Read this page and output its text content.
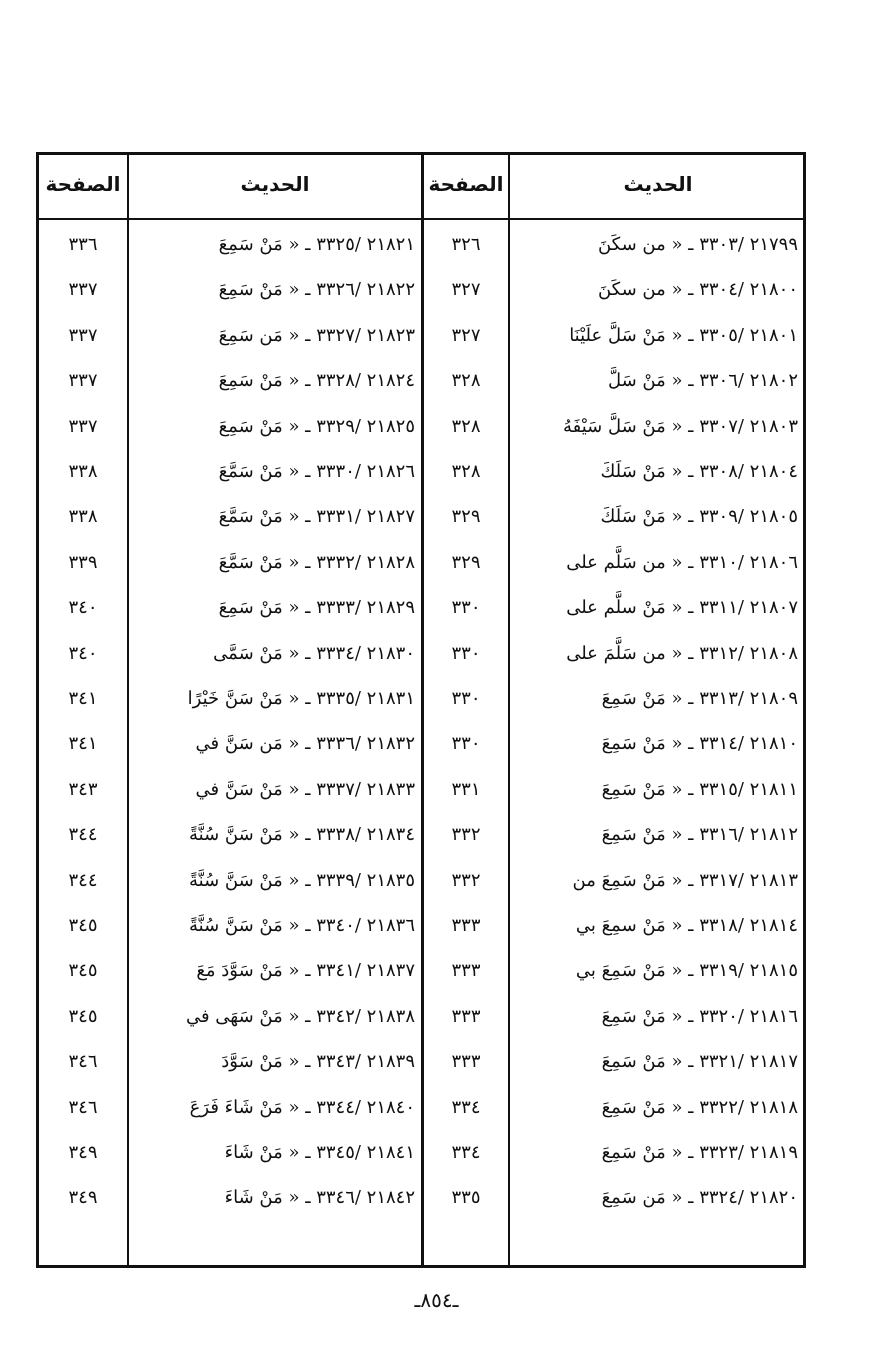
الحديث
الصفحة
الحديث
الصفحة
٢١٧٩٩ /٣٣٠٣ ـ « من سكَنَ
٣٢٦
٢١٨٠٠ /٣٣٠٤ ـ « من سكَنَ
٣٢٧
٢١٨٠١ /٣٣٠٥ ـ « مَنْ سَلَّ علَيْنَا
٣٢٧
٢١٨٠٢ /٣٣٠٦ ـ « مَنْ سَلَّ
٣٢٨
٢١٨٠٣ /٣٣٠٧ ـ « مَنْ سَلَّ سَيْفَهُ
٣٢٨
٢١٨٠٤ /٣٣٠٨ ـ « مَنْ سَلَكَ
٣٢٨
٢١٨٠٥ /٣٣٠٩ ـ « مَنْ سَلَكَ
٣٢٩
٢١٨٠٦ /٣٣١٠ ـ « من سَلَّم على
٣٢٩
٢١٨٠٧ /٣٣١١ ـ « مَنْ سلَّم على
٣٣٠
٢١٨٠٨ /٣٣١٢ ـ « من سَلَّمَ على
٣٣٠
٢١٨٠٩ /٣٣١٣ ـ « مَنْ سَمِعَ
٣٣٠
٢١٨١٠ /٣٣١٤ ـ « مَنْ سَمِعَ
٣٣٠
٢١٨١١ /٣٣١٥ ـ « مَنْ سَمِعَ
٣٣١
٢١٨١٢ /٣٣١٦ ـ « مَنْ سَمِعَ
٣٣٢
٢١٨١٣ /٣٣١٧ ـ « مَنْ سَمِعَ من
٣٣٢
٢١٨١٤ /٣٣١٨ ـ « مَنْ سمِعَ بي
٣٣٣
٢١٨١٥ /٣٣١٩ ـ « مَنْ سَمِعَ بي
٣٣٣
٢١٨١٦ /٣٣٢٠ ـ « مَنْ سَمِعَ
٣٣٣
٢١٨١٧ /٣٣٢١ ـ « مَنْ سَمِعَ
٣٣٣
٢١٨١٨ /٣٣٢٢ ـ « مَنْ سَمِعَ
٣٣٤
٢١٨١٩ /٣٣٢٣ ـ « مَنْ سَمِعَ
٣٣٤
٢١٨٢٠ /٣٣٢٤ ـ « مَن سَمِعَ
٣٣٥
٢١٨٢١ /٣٣٢٥ ـ « مَنْ سَمِعَ
٣٣٦
٢١٨٢٢ /٣٣٢٦ ـ « مَنْ سَمِعَ
٣٣٧
٢١٨٢٣ /٣٣٢٧ ـ « مَن سَمِعَ
٣٣٧
٢١٨٢٤ /٣٣٢٨ ـ « مَنْ سَمِعَ
٣٣٧
٢١٨٢٥ /٣٣٢٩ ـ « مَنْ سَمِعَ
٣٣٧
٢١٨٢٦ /٣٣٣٠ ـ « مَنْ سَمَّعَ
٣٣٨
٢١٨٢٧ /٣٣٣١ ـ « مَنْ سَمَّعَ
٣٣٨
٢١٨٢٨ /٣٣٣٢ ـ « مَنْ سَمَّعَ
٣٣٩
٢١٨٢٩ /٣٣٣٣ ـ « مَنْ سَمِعَ
٣٤٠
٢١٨٣٠ /٣٣٣٤ ـ « مَنْ سَمَّى
٣٤٠
٢١٨٣١ /٣٣٣٥ ـ « مَنْ سَنَّ خَيْرًا
٣٤١
٢١٨٣٢ /٣٣٣٦ ـ « مَن سَنَّ في
٣٤١
٢١٨٣٣ /٣٣٣٧ ـ « مَنْ سَنَّ في
٣٤٣
٢١٨٣٤ /٣٣٣٨ ـ « مَنْ سَنَّ سُنَّةً
٣٤٤
٢١٨٣٥ /٣٣٣٩ ـ « مَنْ سَنَّ سُنَّةً
٣٤٤
٢١٨٣٦ /٣٣٤٠ ـ « مَنْ سَنَّ سُنَّةً
٣٤٥
٢١٨٣٧ /٣٣٤١ ـ « مَنْ سَوَّدَ مَعَ
٣٤٥
٢١٨٣٨ /٣٣٤٢ ـ « مَنْ سَهَى في
٣٤٥
٢١٨٣٩ /٣٣٤٣ ـ « مَنْ سَوَّدَ
٣٤٦
٢١٨٤٠ /٣٣٤٤ ـ « مَنْ شَاءَ فَرَعَ
٣٤٦
٢١٨٤١ /٣٣٤٥ ـ « مَنْ شَاءَ
٣٤٩
٢١٨٤٢ /٣٣٤٦ ـ « مَنْ شَاءَ
٣٤٩
ـ٨٥٤ـ
